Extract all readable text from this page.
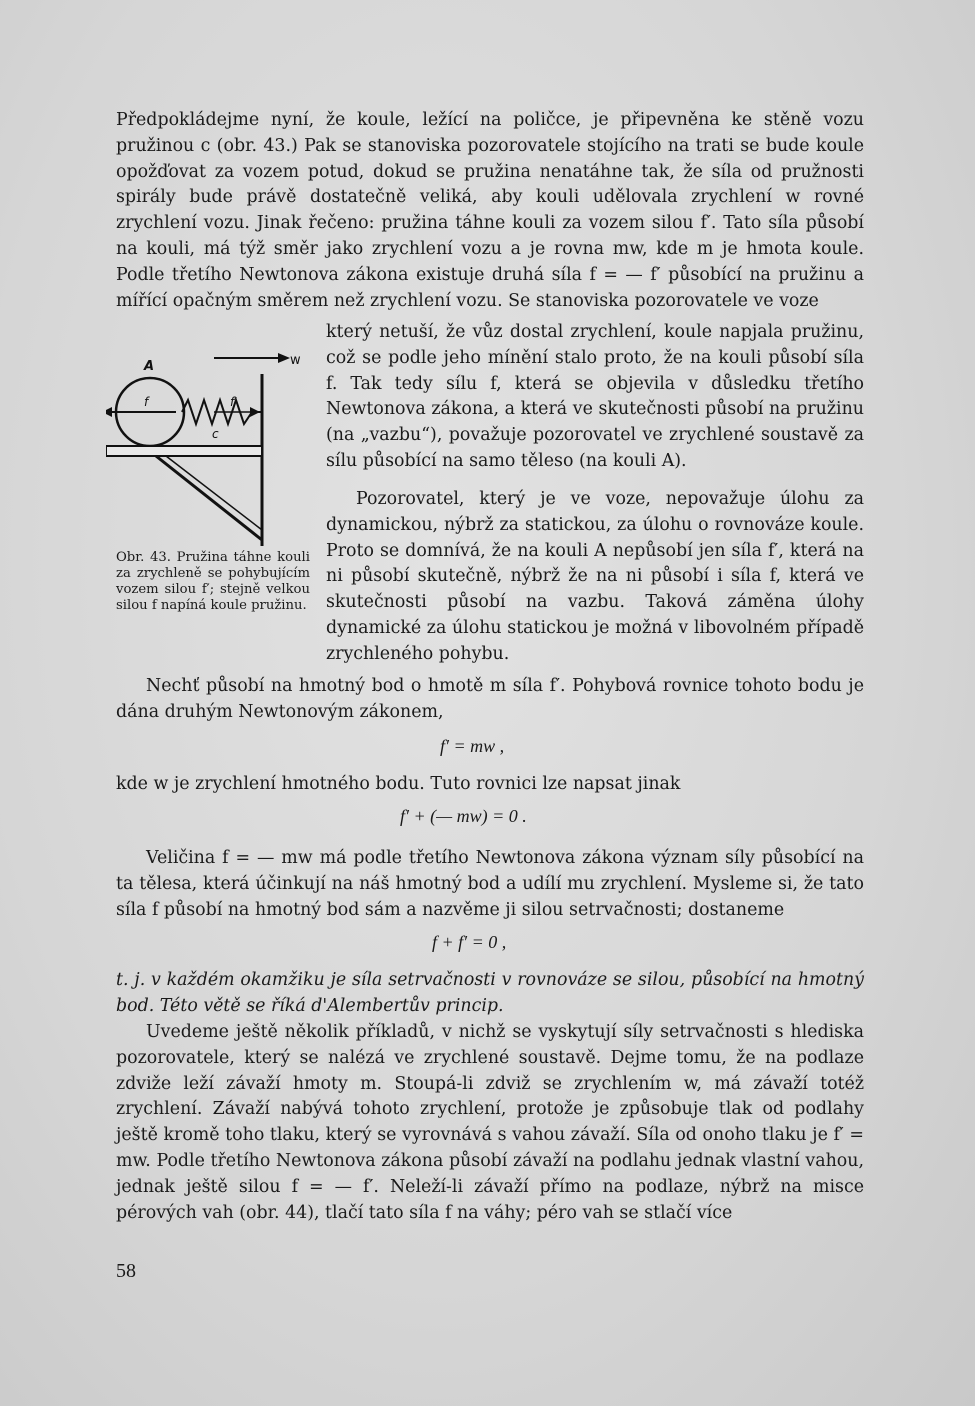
Předpokládejme nyní, že koule, ležící na poličce, je připevněna ke stěně vozu pružinou c (obr. 43.) Pak se stanoviska pozorovatele stojícího na trati se bude koule opožďovat za vozem potud, dokud se pružina nenatáhne tak, že síla od pružnosti spirály bude právě dostatečně veliká, aby kouli udělovala zrychlení w rovné zrychlení vozu. Jinak řečeno: pružina táhne kouli za vozem silou f′. Tato síla působí na kouli, má týž směr jako zrychlení vozu a je rovna mw, kde m je hmota koule. Podle třetího Newtonova zákona existuje druhá síla f = — f′ působící na pružinu a mířící opačným směrem než zrychlení vozu. Se stanoviska pozorovatele ve voze

w
A
f	f′
c
Obr. 43. Pružina táhne kouli za zrychleně se pohybujícím vozem silou f′; stejně velkou silou f napíná koule pružinu.

který netuší, že vůz dostal zrychlení, koule napjala pružinu, což se podle jeho mínění stalo proto, že na kouli působí síla f. Tak tedy sílu f, která se objevila v důsledku třetího Newtonova zákona, a která ve skutečnosti působí na pružinu (na „vazbu“), považuje pozorovatel ve zrychlené soustavě za sílu působící na samo těleso (na kouli A).

Pozorovatel, který je ve voze, nepovažuje úlohu za dynamickou, nýbrž za statickou, za úlohu o rovnováze koule. Proto se domnívá, že na kouli A nepůsobí jen síla f′, která na ni působí skutečně, nýbrž že na ni působí i síla f, která ve skutečnosti působí na vazbu. Taková záměna úlohy dynamické za úlohu statickou je možná v libovolném případě zrychleného pohybu.

Nechť působí na hmotný bod o hmotě m síla f′. Pohybová rovnice tohoto bodu je dána druhým Newtonovým zákonem,

f′ = mw ,

kde w je zrychlení hmotného bodu. Tuto rovnici lze napsat jinak

f′ + (— mw) = 0 .

Veličina f = — mw má podle třetího Newtonova zákona význam síly působící na ta tělesa, která účinkují na náš hmotný bod a udílí mu zrychlení. Mysleme si, že tato síla f působí na hmotný bod sám a nazvěme ji silou setrvačnosti; dostaneme

f + f′ = 0 ,

t. j. v každém okamžiku je síla setrvačnosti v rovnováze se silou, působící na hmotný bod. Této větě se říká d'Alembertův princip.

Uvedeme ještě několik příkladů, v nichž se vyskytují síly setrvačnosti s hlediska pozorovatele, který se nalézá ve zrychlené soustavě. Dejme tomu, že na podlaze zdviže leží závaží hmoty m. Stoupá-li zdviž se zrychlením w, má závaží totéž zrychlení. Závaží nabývá tohoto zrychlení, protože je způsobuje tlak od podlahy ještě kromě toho tlaku, který se vyrovnává s vahou závaží. Síla od onoho tlaku je f′ = mw. Podle třetího Newtonova zákona působí závaží na podlahu jednak vlastní vahou, jednak ještě silou f = — f′. Neleží-li závaží přímo na podlaze, nýbrž na misce pérových vah (obr. 44), tlačí tato síla f na váhy; péro vah se stlačí více

58
